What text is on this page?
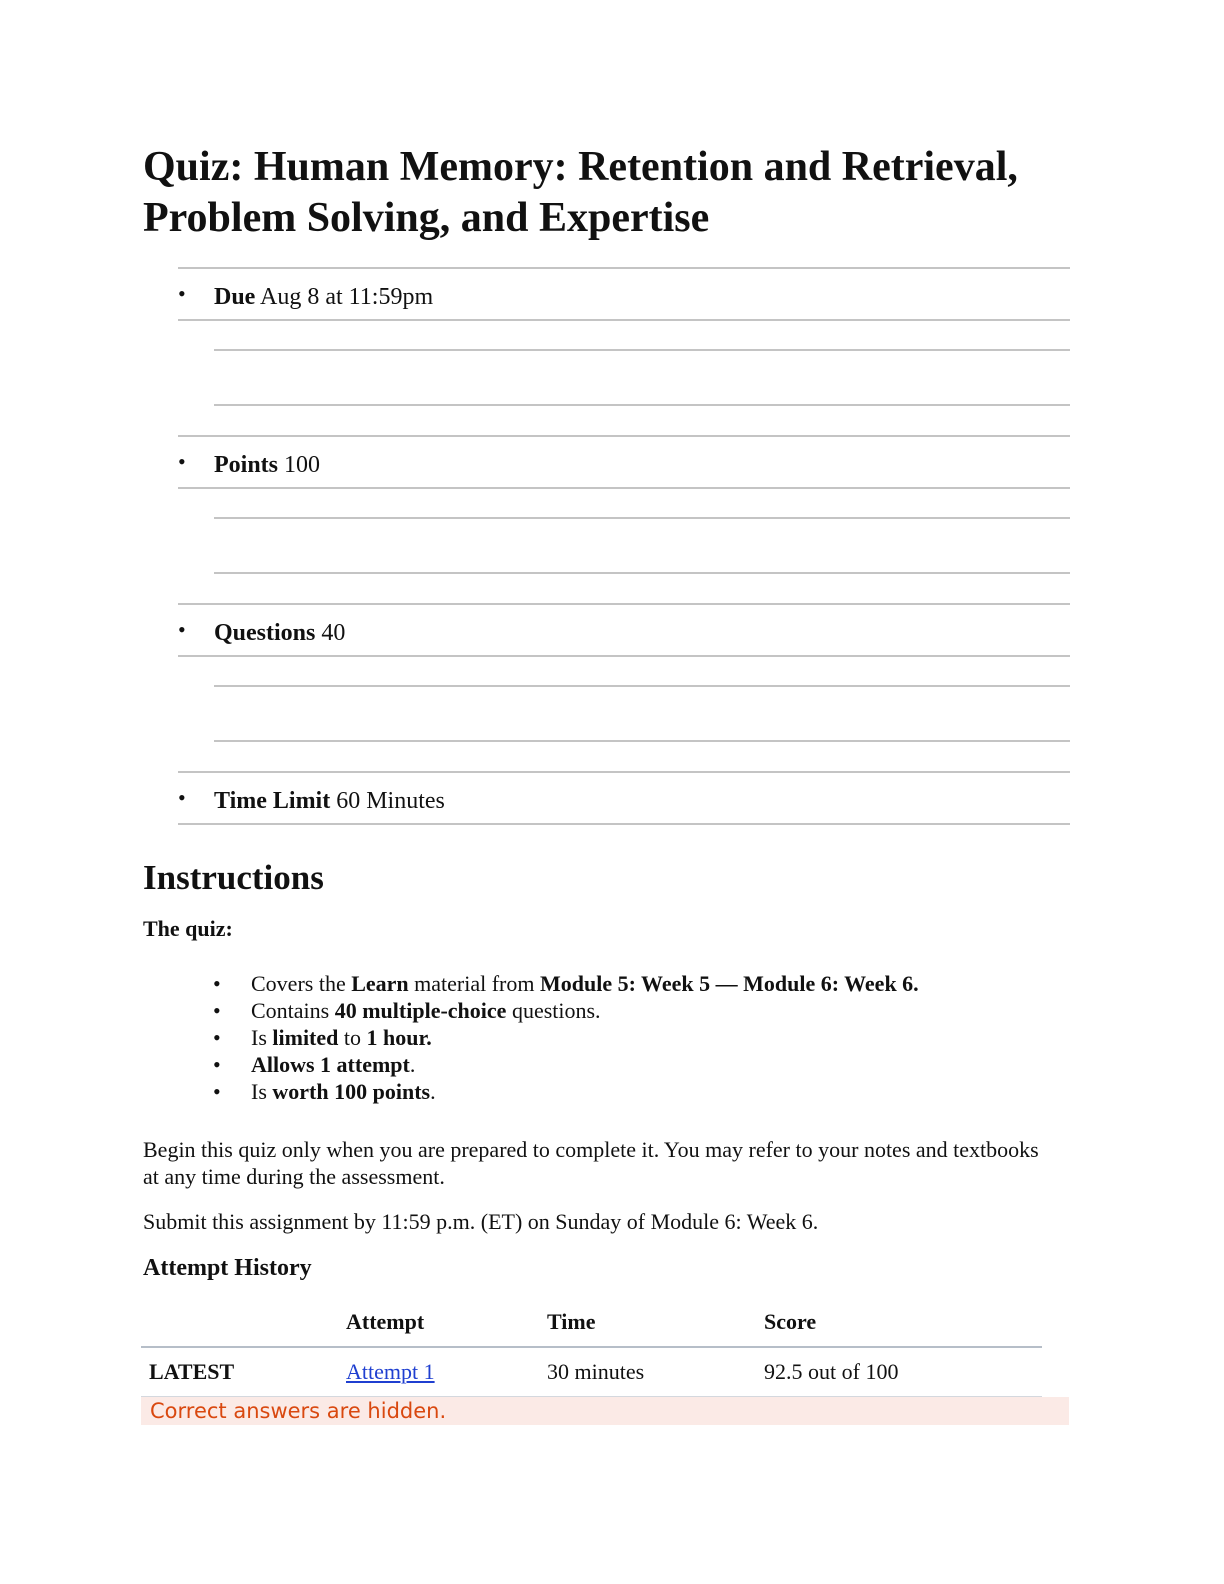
Quiz: Human Memory: Retention and Retrieval, Problem Solving, and Expertise
• Due Aug 8 at 11:59pm
• Points 100
• Questions 40
• Time Limit 60 Minutes
Instructions

The quiz:

• Covers the Learn material from Module 5: Week 5 — Module 6: Week 6.
• Contains 40 multiple-choice questions.
• Is limited to 1 hour.
• Allows 1 attempt.
• Is worth 100 points.

Begin this quiz only when you are prepared to complete it. You may refer to your notes and textbooks at any time during the assessment.

Submit this assignment by 11:59 p.m. (ET) on Sunday of Module 6: Week 6.

Attempt History
	Attempt	Time	Score
LATEST	Attempt 1	30 minutes	92.5 out of 100
Correct answers are hidden.
